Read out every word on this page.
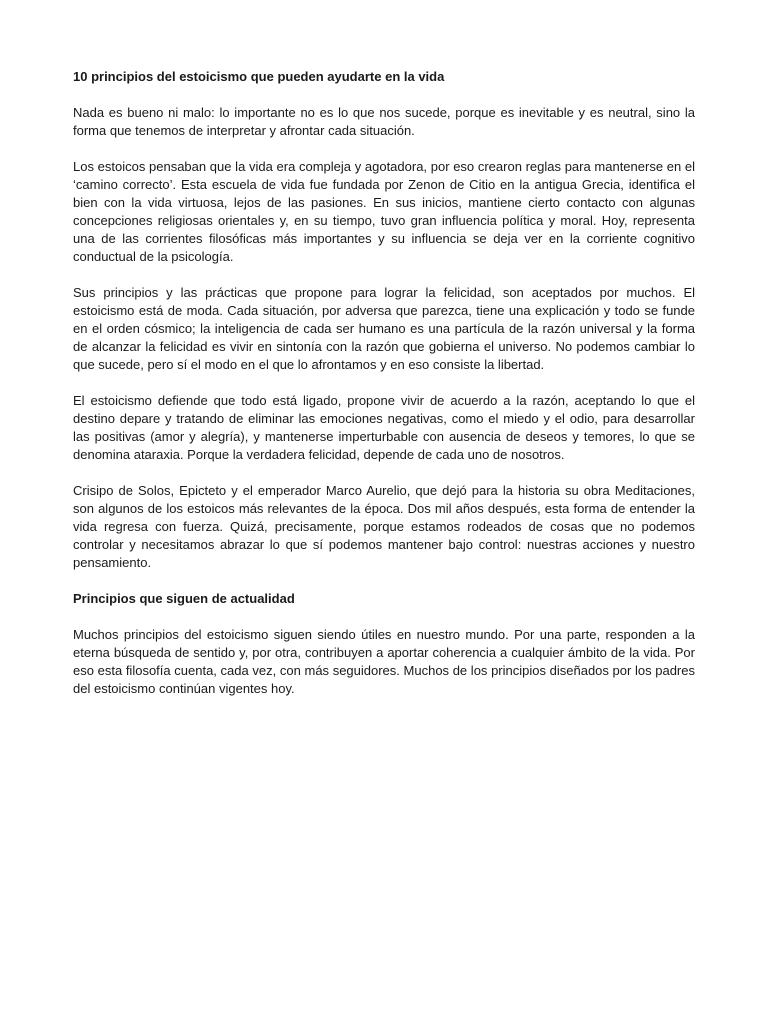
10 principios del estoicismo que pueden ayudarte en la vida

Nada es bueno ni malo: lo importante no es lo que nos sucede, porque es inevitable y es neutral, sino la forma que tenemos de interpretar y afrontar cada situación.

Los estoicos pensaban que la vida era compleja y agotadora, por eso crearon reglas para mantenerse en el ‘camino correcto’. Esta escuela de vida fue fundada por Zenon de Citio en la antigua Grecia, identifica el bien con la vida virtuosa, lejos de las pasiones. En sus inicios, mantiene cierto contacto con algunas concepciones religiosas orientales y, en su tiempo, tuvo gran influencia política y moral. Hoy, representa una de las corrientes filosóficas más importantes y su influencia se deja ver en la corriente cognitivo conductual de la psicología.

Sus principios y las prácticas que propone para lograr la felicidad, son aceptados por muchos. El estoicismo está de moda. Cada situación, por adversa que parezca, tiene una explicación y todo se funde en el orden cósmico; la inteligencia de cada ser humano es una partícula de la razón universal y la forma de alcanzar la felicidad es vivir en sintonía con la razón que gobierna el universo. No podemos cambiar lo que sucede, pero sí el modo en el que lo afrontamos y en eso consiste la libertad.

El estoicismo defiende que todo está ligado, propone vivir de acuerdo a la razón, aceptando lo que el destino depare y tratando de eliminar las emociones negativas, como el miedo y el odio, para desarrollar las positivas (amor y alegría), y mantenerse imperturbable con ausencia de deseos y temores, lo que se denomina ataraxia. Porque la verdadera felicidad, depende de cada uno de nosotros.

Crisipo de Solos, Epicteto y el emperador Marco Aurelio, que dejó para la historia su obra Meditaciones, son algunos de los estoicos más relevantes de la época. Dos mil años después, esta forma de entender la vida regresa con fuerza. Quizá, precisamente, porque estamos rodeados de cosas que no podemos controlar y necesitamos abrazar lo que sí podemos mantener bajo control: nuestras acciones y nuestro pensamiento.

Principios que siguen de actualidad

Muchos principios del estoicismo siguen siendo útiles en nuestro mundo. Por una parte, responden a la eterna búsqueda de sentido y, por otra, contribuyen a aportar coherencia a cualquier ámbito de la vida. Por eso esta filosofía cuenta, cada vez, con más seguidores. Muchos de los principios diseñados por los padres del estoicismo continúan vigentes hoy.
